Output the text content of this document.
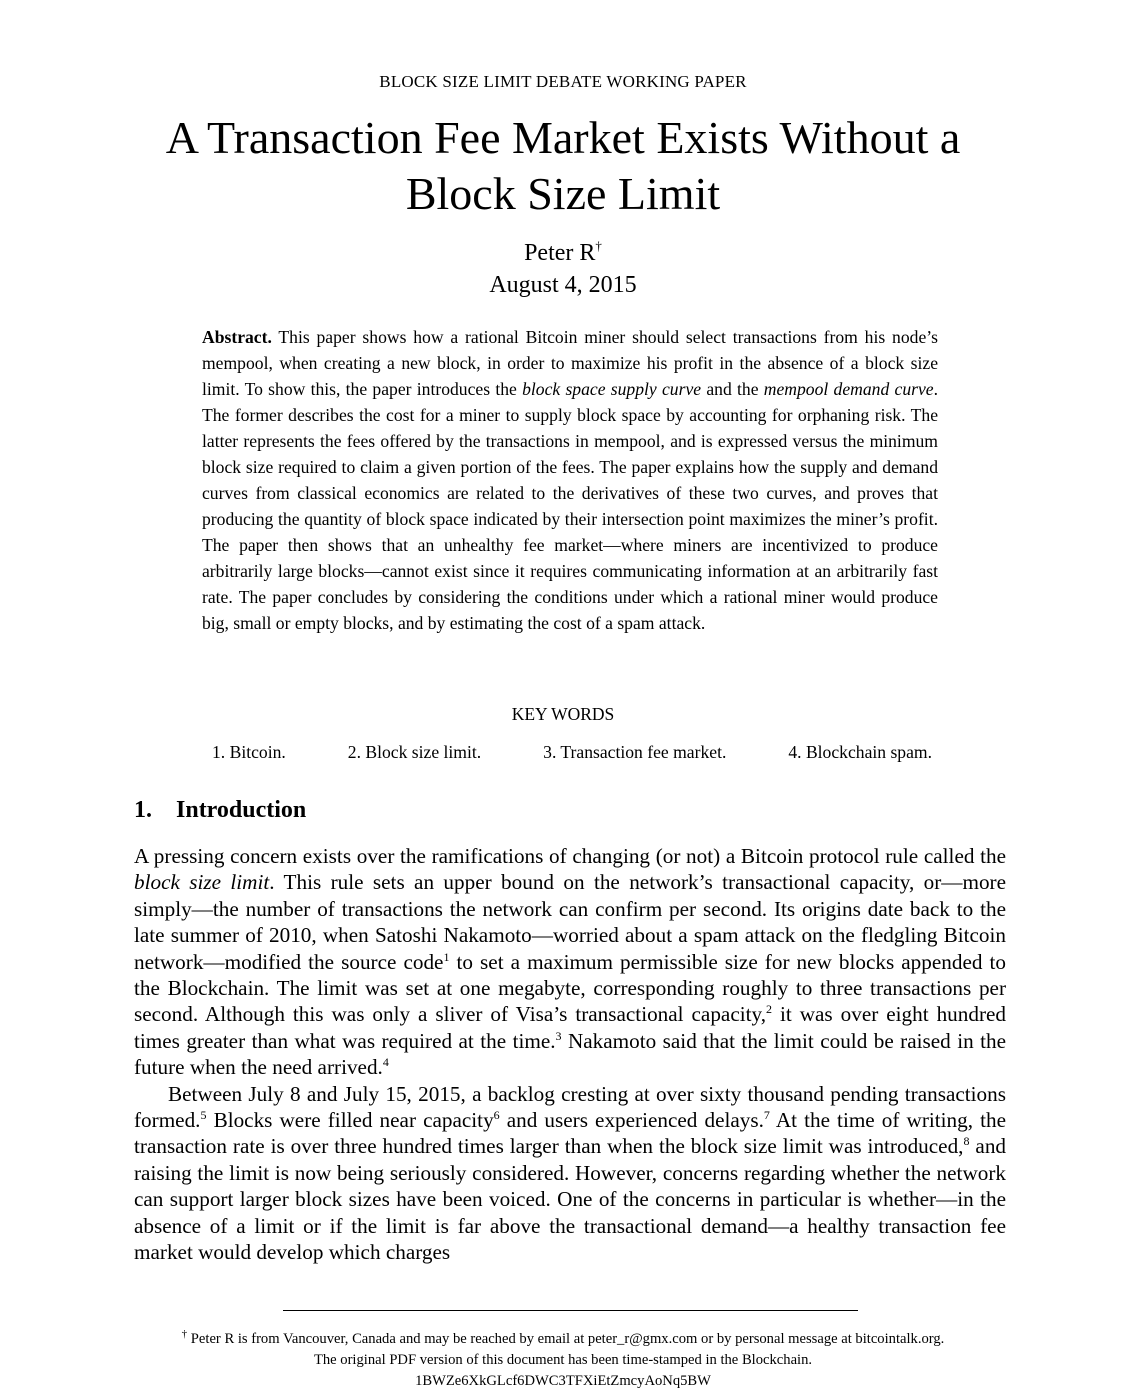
BLOCK SIZE LIMIT DEBATE WORKING PAPER
A Transaction Fee Market Exists Without a Block Size Limit
Peter R†
August 4, 2015
Abstract. This paper shows how a rational Bitcoin miner should select transactions from his node’s mempool, when creating a new block, in order to maximize his profit in the absence of a block size limit. To show this, the paper introduces the block space supply curve and the mempool demand curve. The former describes the cost for a miner to supply block space by accounting for orphaning risk. The latter represents the fees offered by the transactions in mempool, and is expressed versus the minimum block size required to claim a given portion of the fees. The paper explains how the supply and demand curves from classical economics are related to the derivatives of these two curves, and proves that producing the quantity of block space indicated by their intersection point maximizes the miner’s profit. The paper then shows that an unhealthy fee market—where miners are incentivized to produce arbitrarily large blocks—cannot exist since it requires communicating information at an arbitrarily fast rate. The paper concludes by considering the conditions under which a rational miner would produce big, small or empty blocks, and by estimating the cost of a spam attack.
KEY WORDS
1. Bitcoin.	2. Block size limit.	3. Transaction fee market.	4. Blockchain spam.
1. Introduction

A pressing concern exists over the ramifications of changing (or not) a Bitcoin protocol rule called the block size limit. This rule sets an upper bound on the network’s transactional capacity, or—more simply—the number of transactions the network can confirm per second. Its origins date back to the late summer of 2010, when Satoshi Nakamoto—worried about a spam attack on the fledgling Bitcoin network—modified the source code$^1$ to set a maximum permissible size for new blocks appended to the Blockchain. The limit was set at one megabyte, corresponding roughly to three transactions per second. Although this was only a sliver of Visa’s transactional capacity,$^2$ it was over eight hundred times greater than what was required at the time.$^3$ Nakamoto said that the limit could be raised in the future when the need arrived.$^4$

Between July 8 and July 15, 2015, a backlog cresting at over sixty thousand pending transactions formed.$^5$ Blocks were filled near capacity$^6$ and users experienced delays.$^7$ At the time of writing, the transaction rate is over three hundred times larger than when the block size limit was introduced,$^8$ and raising the limit is now being seriously considered. However, concerns regarding whether the network can support larger block sizes have been voiced. One of the concerns in particular is whether—in the absence of a limit or if the limit is far above the transactional demand—a healthy transaction fee market would develop which charges

† Peter R is from Vancouver, Canada and may be reached by email at peter_r@gmx.com or by personal message at bitcointalk.org.
The original PDF version of this document has been time-stamped in the Blockchain.
1BWZe6XkGLcf6DWC3TFXiEtZmcyAoNq5BW
